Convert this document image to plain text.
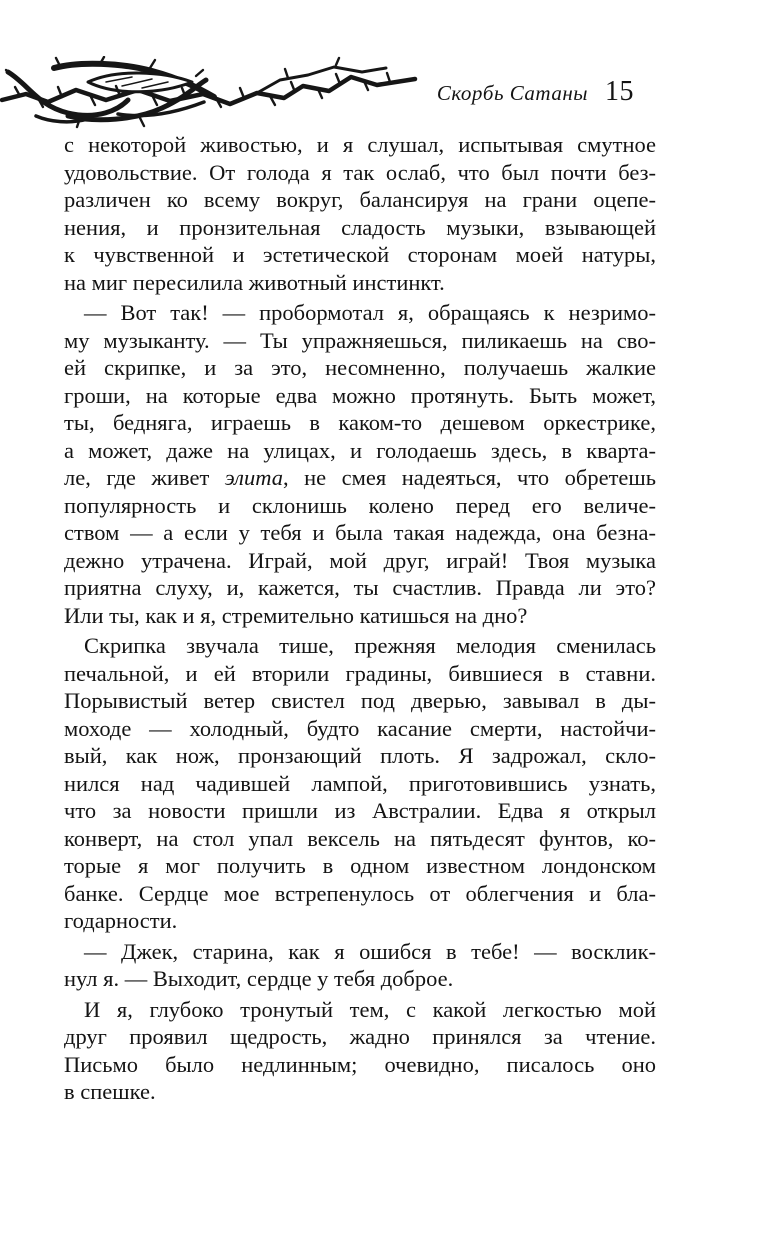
Скорбь Сатаны 15
с некоторой живостью, и я слушал, испытывая смутное
удовольствие. От голода я так ослаб, что был почти без-
различен ко всему вокруг, балансируя на грани оцепе-
нения, и пронзительная сладость музыки, взывающей
к чувственной и эстетической сторонам моей натуры,
на миг пересилила животный инстинкт.
— Вот так! — пробормотал я, обращаясь к незримо-
му музыканту. — Ты упражняешься, пиликаешь на сво-
ей скрипке, и за это, несомненно, получаешь жалкие
гроши, на которые едва можно протянуть. Быть может,
ты, бедняга, играешь в каком-то дешевом оркестрике,
а может, даже на улицах, и голодаешь здесь, в кварта-
ле, где живет элита, не смея надеяться, что обретешь
популярность и склонишь колено перед его величе-
ством — а если у тебя и была такая надежда, она безна-
дежно утрачена. Играй, мой друг, играй! Твоя музыка
приятна слуху, и, кажется, ты счастлив. Правда ли это?
Или ты, как и я, стремительно катишься на дно?
Скрипка звучала тише, прежняя мелодия сменилась
печальной, и ей вторили градины, бившиеся в ставни.
Порывистый ветер свистел под дверью, завывал в ды-
моходе — холодный, будто касание смерти, настойчи-
вый, как нож, пронзающий плоть. Я задрожал, скло-
нился над чадившей лампой, приготовившись узнать,
что за новости пришли из Австралии. Едва я открыл
конверт, на стол упал вексель на пятьдесят фунтов, ко-
торые я мог получить в одном известном лондонском
банке. Сердце мое встрепенулось от облегчения и бла-
годарности.
— Джек, старина, как я ошибся в тебе! — восклик-
нул я. — Выходит, сердце у тебя доброе.
И я, глубоко тронутый тем, с какой легкостью мой
друг проявил щедрость, жадно принялся за чтение.
Письмо было недлинным; очевидно, писалось оно
в спешке.
